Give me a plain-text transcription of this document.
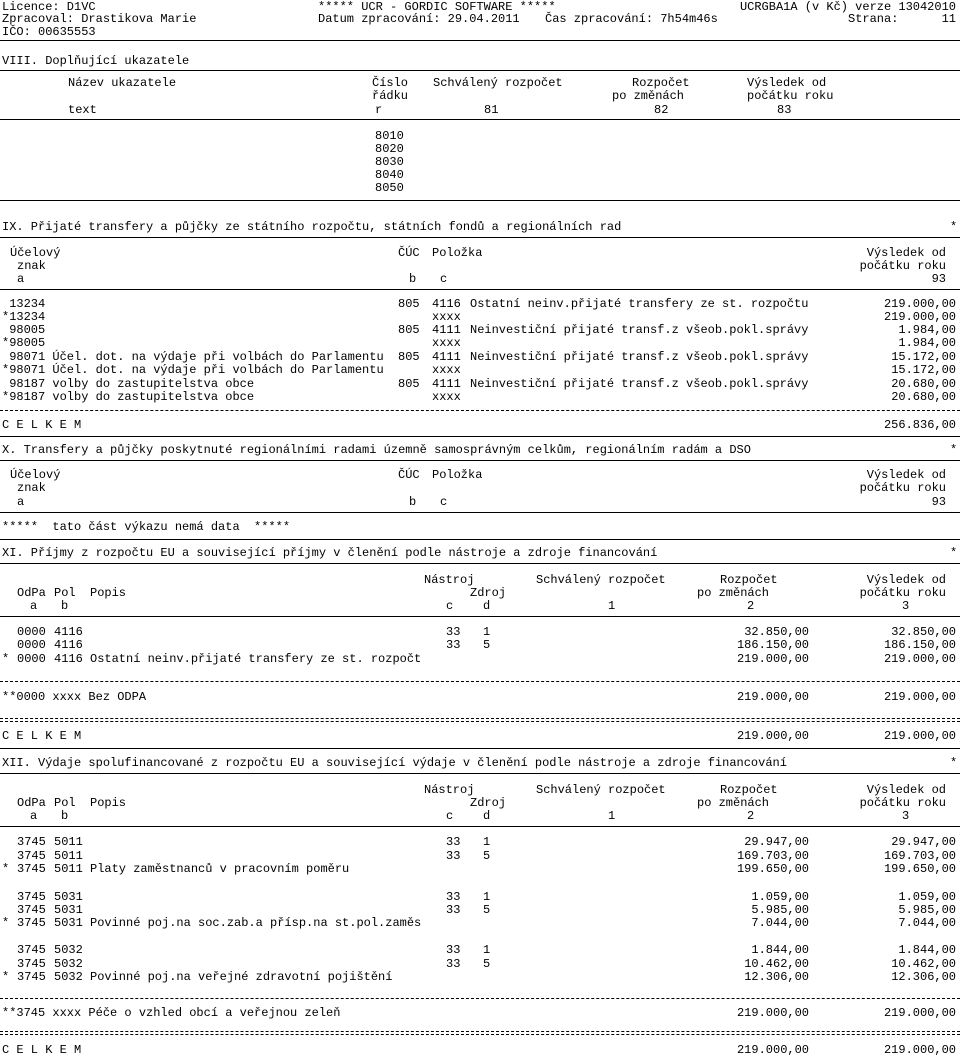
Licence: D1VC	***** UCR - GORDIC SOFTWARE *****	UCRGBA1A (v Kč) verze 13042010
Zpracoval: Drastikova Marie	Datum zpracování: 29.04.2011 Čas zpracování: 7h54m46s	Strana:	11
IČO: 00635553
VIII. Doplňující ukazatele
Název ukazatele	Číslo Schválený rozpočet	Rozpočet	Výsledek od
řádku	po změnách	počátku roku
text	r	81	82	83
8010
8020
8030
8040
8050
IX. Přijaté transfery a půjčky ze státního rozpočtu, státních fondů a regionálních rad	*
Účelový	ČÚC Položka	Výsledek od
znak	počátku roku
a	b c	93
13234	805 4116 Ostatní neinv.přijaté transfery ze st. rozpočtu	219.000,00
*13234	xxxx	219.000,00
98005	805 4111 Neinvestiční přijaté transf.z všeob.pokl.správy	1.984,00
*98005	xxxx	1.984,00
98071 Účel. dot. na výdaje při volbách do Parlamentu 805 4111 Neinvestiční přijaté transf.z všeob.pokl.správy	15.172,00
*98071 Účel. dot. na výdaje při volbách do Parlamentu	xxxx	15.172,00
98187 volby do zastupitelstva obce	805 4111 Neinvestiční přijaté transf.z všeob.pokl.správy	20.680,00
*98187 volby do zastupitelstva obce	xxxx	20.680,00
C E L K E M	256.836,00
X. Transfery a půjčky poskytnuté regionálními radami územně samosprávným celkům, regionálním radám a DSO	*
Účelový	ČÚC Položka	Výsledek od
znak	počátku roku
a	b c	93
*****  tato část výkazu nemá data  *****
XI. Příjmy z rozpočtu EU a související příjmy v členění podle nástroje a zdroje financování	*
Nástroj	Schválený rozpočet	Rozpočet	Výsledek od
OdPa Pol Popis	Zdroj	po změnách	počátku roku
a b	c d	1	2	3
0000 4116	33 1	32.850,00	32.850,00
0000 4116	33 5	186.150,00	186.150,00
* 0000 4116 Ostatní neinv.přijaté transfery ze st. rozpočt	219.000,00	219.000,00
**0000 xxxx Bez ODPA	219.000,00	219.000,00
C E L K E M	219.000,00	219.000,00
XII. Výdaje spolufinancované z rozpočtu EU a související výdaje v členění podle nástroje a zdroje financování	*
Nástroj	Schválený rozpočet	Rozpočet	Výsledek od
OdPa Pol Popis	Zdroj	po změnách	počátku roku
a b	c d	1	2	3
3745 5011	33 1	29.947,00	29.947,00
3745 5011	33 5	169.703,00	169.703,00
* 3745 5011 Platy zaměstnanců v pracovním poměru	199.650,00	199.650,00
3745 5031	33 1	1.059,00	1.059,00
3745 5031	33 5	5.985,00	5.985,00
* 3745 5031 Povinné poj.na soc.zab.a přísp.na st.pol.zaměs	7.044,00	7.044,00
3745 5032	33 1	1.844,00	1.844,00
3745 5032	33 5	10.462,00	10.462,00
* 3745 5032 Povinné poj.na veřejné zdravotní pojištění	12.306,00	12.306,00
**3745 xxxx Péče o vzhled obcí a veřejnou zeleň	219.000,00	219.000,00
C E L K E M	219.000,00	219.000,00
